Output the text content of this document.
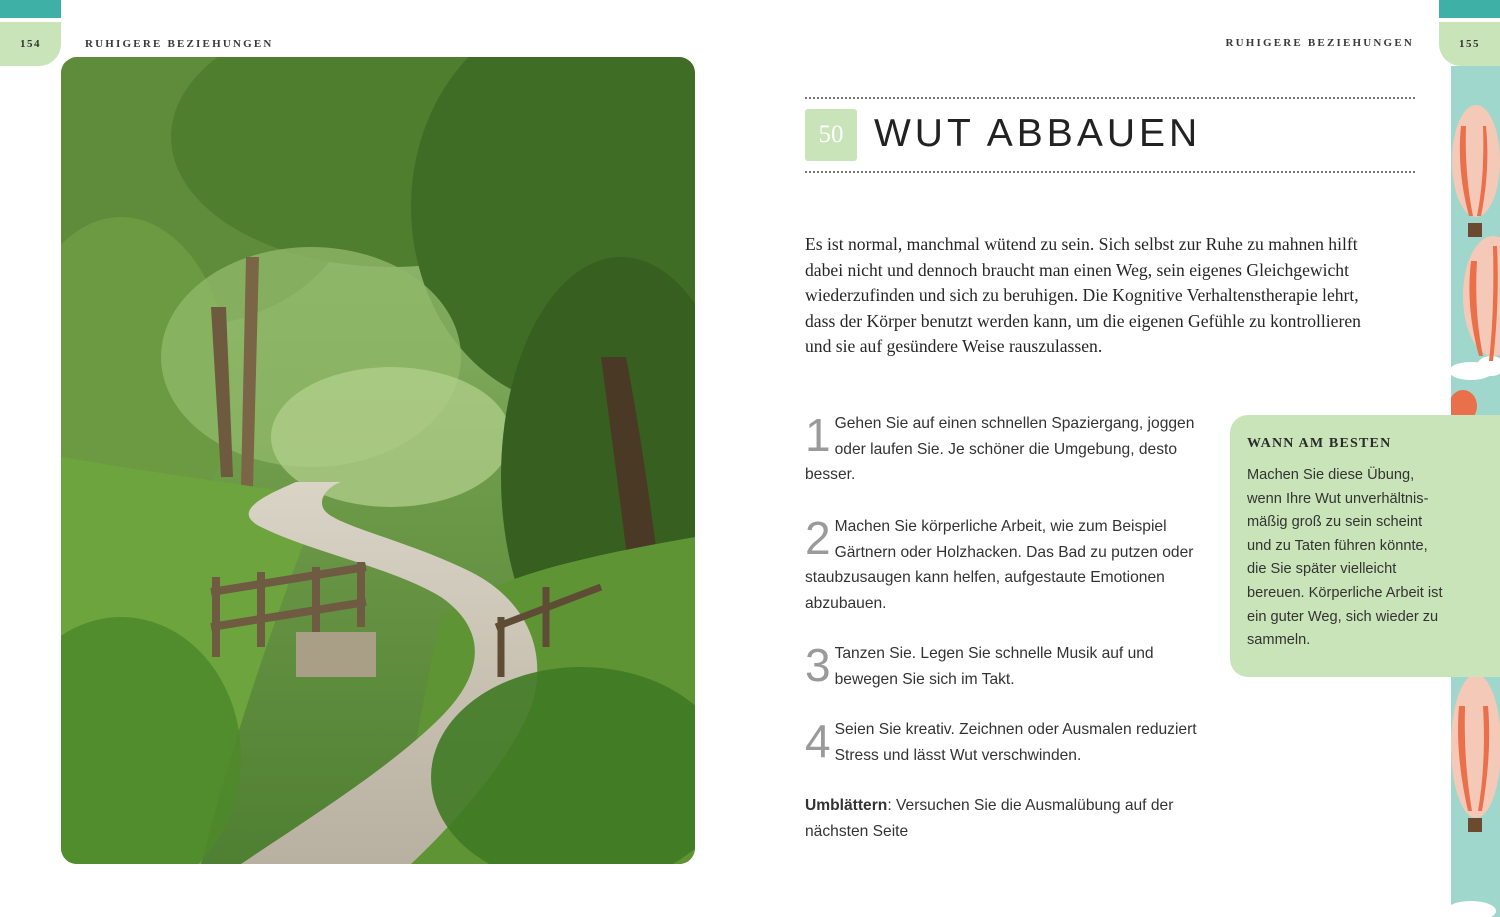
154	RUHIGERE BEZIEHUNGEN	RUHIGERE BEZIEHUNGEN	155
50 WUT ABBAUEN
Es ist normal, manchmal wütend zu sein. Sich selbst zur Ruhe zu mahnen hilft dabei nicht und dennoch braucht man einen Weg, sein eigenes Gleichgewicht wiederzufinden und sich zu beruhigen. Die Kognitive Verhaltenstherapie lehrt, dass der Körper benutzt werden kann, um die eigenen Gefühle zu kontrollieren und sie auf gesündere Weise rauszulassen.
1 Gehen Sie auf einen schnellen Spaziergang, joggen oder laufen Sie. Je schöner die Umgebung, desto besser.
2 Machen Sie körperliche Arbeit, wie zum Beispiel Gärtnern oder Holzhacken. Das Bad zu putzen oder staubzusaugen kann helfen, aufgestaute Emotionen abzubauen.
3 Tanzen Sie. Legen Sie schnelle Musik auf und bewegen Sie sich im Takt.
4 Seien Sie kreativ. Zeichnen oder Ausmalen reduziert Stress und lässt Wut verschwinden.
Umblättern: Versuchen Sie die Ausmalübung auf der nächsten Seite
WANN AM BESTEN
Machen Sie diese Übung, wenn Ihre Wut unverhältnismäßig groß zu sein scheint und zu Taten führen könnte, die Sie später vielleicht bereuen. Körperliche Arbeit ist ein guter Weg, sich wieder zu sammeln.
